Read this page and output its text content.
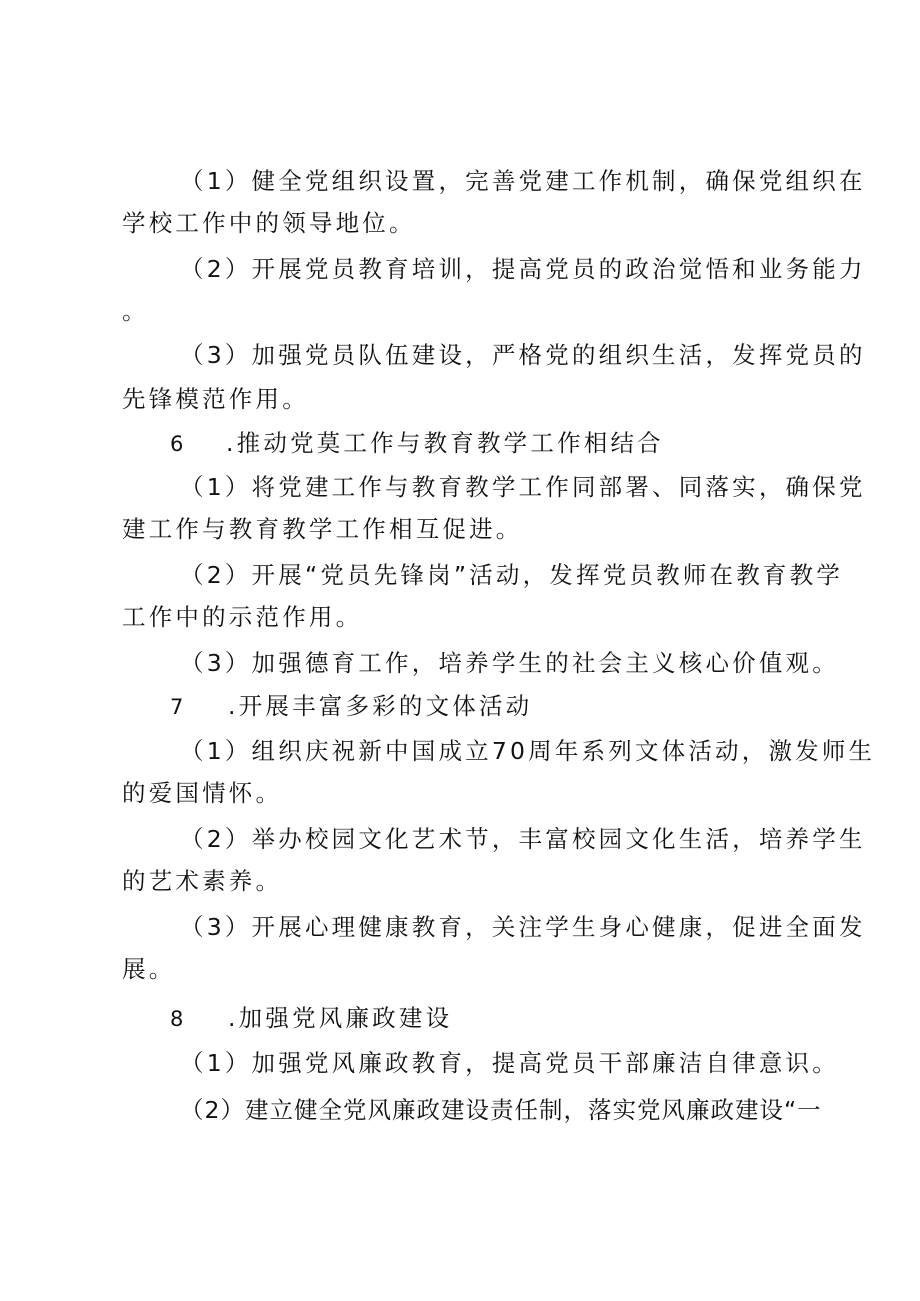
（1）健全党组织设置，完善党建工作机制，确保党组织在
学校工作中的领导地位。
（2）开展党员教育培训，提高党员的政治觉悟和业务能力
。
（3）加强党员队伍建设，严格党的组织生活，发挥党员的
先锋模范作用。
6 .推动党莫工作与教育教学工作相结合
（1）将党建工作与教育教学工作同部署、同落实，确保党
建工作与教育教学工作相互促进。
（2）开展“党员先锋岗”活动，发挥党员教师在教育教学
工作中的示范作用。
（3）加强德育工作，培养学生的社会主义核心价值观。
7 .开展丰富多彩的文体活动
（1）组织庆祝新中国成立70周年系列文体活动，激发师生
的爱国情怀。
（2）举办校园文化艺术节，丰富校园文化生活，培养学生
的艺术素养。
（3）开展心理健康教育，关注学生身心健康，促进全面发
展。
8 .加强党风廉政建设
（1）加强党风廉政教育，提高党员干部廉洁自律意识。
（2）建立健全党风廉政建设责任制，落实党风廉政建设“一
